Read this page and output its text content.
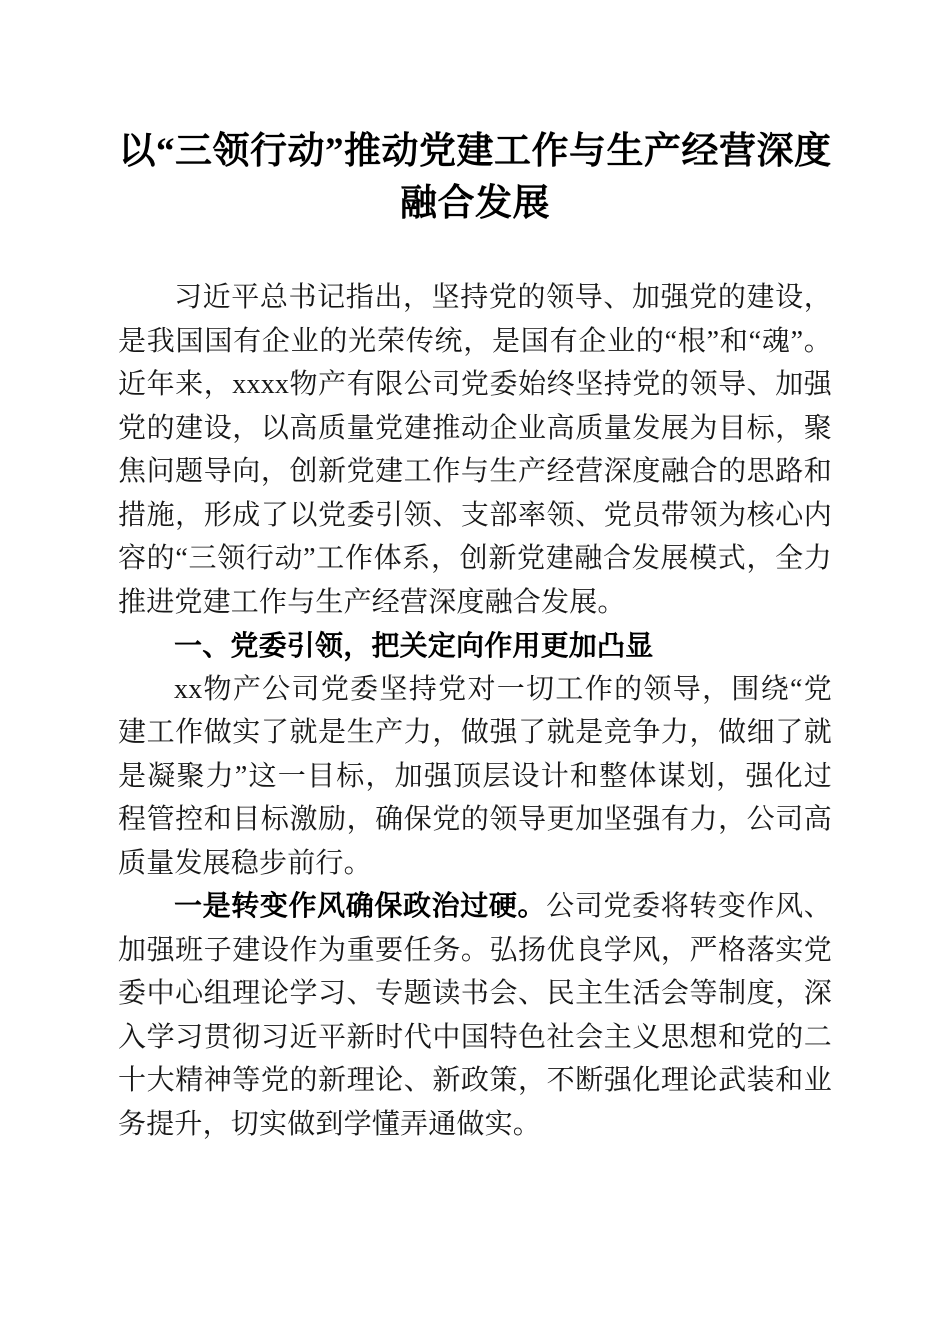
以“三领行动”推动党建工作与生产经营深度融合发展

习近平总书记指出，坚持党的领导、加强党的建设，是我国国有企业的光荣传统，是国有企业的“根”和“魂”。近年来，xxxx物产有限公司党委始终坚持党的领导、加强党的建设，以高质量党建推动企业高质量发展为目标，聚焦问题导向，创新党建工作与生产经营深度融合的思路和措施，形成了以党委引领、支部率领、党员带领为核心内容的“三领行动”工作体系，创新党建融合发展模式，全力推进党建工作与生产经营深度融合发展。

一、党委引领，把关定向作用更加凸显

xx物产公司党委坚持党对一切工作的领导，围绕“党建工作做实了就是生产力，做强了就是竞争力，做细了就是凝聚力”这一目标，加强顶层设计和整体谋划，强化过程管控和目标激励，确保党的领导更加坚强有力，公司高质量发展稳步前行。

一是转变作风确保政治过硬。公司党委将转变作风、加强班子建设作为重要任务。弘扬优良学风，严格落实党委中心组理论学习、专题读书会、民主生活会等制度，深入学习贯彻习近平新时代中国特色社会主义思想和党的二十大精神等党的新理论、新政策，不断强化理论武装和业务提升，切实做到学懂弄通做实。
